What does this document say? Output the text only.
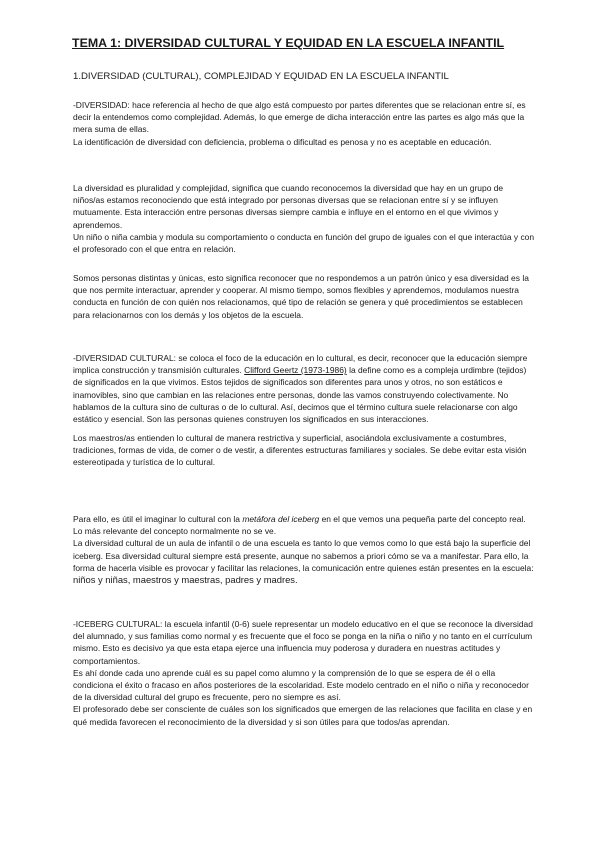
TEMA 1: DIVERSIDAD CULTURAL Y EQUIDAD EN LA ESCUELA INFANTIL
1.DIVERSIDAD (CULTURAL), COMPLEJIDAD Y EQUIDAD EN LA ESCUELA INFANTIL

-DIVERSIDAD: hace referencia al hecho de que algo está compuesto por partes diferentes que se relacionan entre sí, es decir la entendemos como complejidad. Además, lo que emerge de dicha interacción entre las partes es algo más que la mera suma de ellas.

La identificación de diversidad con deficiencia, problema o dificultad es penosa y no es aceptable en educación.

La diversidad es pluralidad y complejidad, significa que cuando reconocemos la diversidad que hay en un grupo de niños/as estamos reconociendo que está integrado por personas diversas que se relacionan entre sí y se influyen mutuamente. Esta interacción entre personas diversas siempre cambia e influye en el entorno en el que vivimos y aprendemos.

Un niño o niña cambia y modula su comportamiento o conducta en función del grupo de iguales con el que interactúa y con el profesorado con el que entra en relación.

Somos personas distintas y únicas, esto significa reconocer que no respondemos a un patrón único y esa diversidad es la que nos permite interactuar, aprender y cooperar. Al mismo tiempo, somos flexibles y aprendemos, modulamos nuestra conducta en función de con quién nos relacionamos, qué tipo de relación se genera y qué procedimientos se establecen para relacionarnos con los demás y los objetos de la escuela.

-DIVERSIDAD CULTURAL: se coloca el foco de la educación en lo cultural, es decir, reconocer que la educación siempre implica construcción y transmisión culturales. Clifford Geertz (1973-1986) la define como es a compleja urdimbre (tejidos) de significados en la que vivimos. Estos tejidos de significados son diferentes para unos y otros, no son estáticos e inamovibles, sino que cambian en las relaciones entre personas, donde las vamos construyendo colectivamente. No hablamos de la cultura sino de culturas o de lo cultural. Así, decimos que el término cultura suele relacionarse con algo estático y esencial. Son las personas quienes construyen los significados en sus interacciones.

Los maestros/as entienden lo cultural de manera restrictiva y superficial, asociándola exclusivamente a costumbres, tradiciones, formas de vida, de comer o de vestir, a diferentes estructuras familiares y sociales. Se debe evitar esta visión estereotipada y turística de lo cultural.

Para ello, es útil el imaginar lo cultural con la metáfora del iceberg en el que vemos una pequeña parte del concepto real. Lo más relevante del concepto normalmente no se ve.

La diversidad cultural de un aula de infantil o de una escuela es tanto lo que vemos como lo que está bajo la superficie del iceberg. Esa diversidad cultural siempre está presente, aunque no sabemos a priori cómo se va a manifestar. Para ello, la forma de hacerla visible es provocar y facilitar las relaciones, la comunicación entre quienes están presentes en la escuela: niños y niñas, maestros y maestras, padres y madres.

-ICEBERG CULTURAL: la escuela infantil (0-6) suele representar un modelo educativo en el que se reconoce la diversidad del alumnado, y sus familias como normal y es frecuente que el foco se ponga en la niña o niño y no tanto en el currículum mismo. Esto es decisivo ya que esta etapa ejerce una influencia muy poderosa y duradera en nuestras actitudes y comportamientos.

Es ahí donde cada uno aprende cuál es su papel como alumno y la comprensión de lo que se espera de él o ella condiciona el éxito o fracaso en años posteriores de la escolaridad. Este modelo centrado en el niño o niña y reconocedor de la diversidad cultural del grupo es frecuente, pero no siempre es así.

El profesorado debe ser consciente de cuáles son los significados que emergen de las relaciones que facilita en clase y en qué medida favorecen el reconocimiento de la diversidad y si son útiles para que todos/as aprendan.
